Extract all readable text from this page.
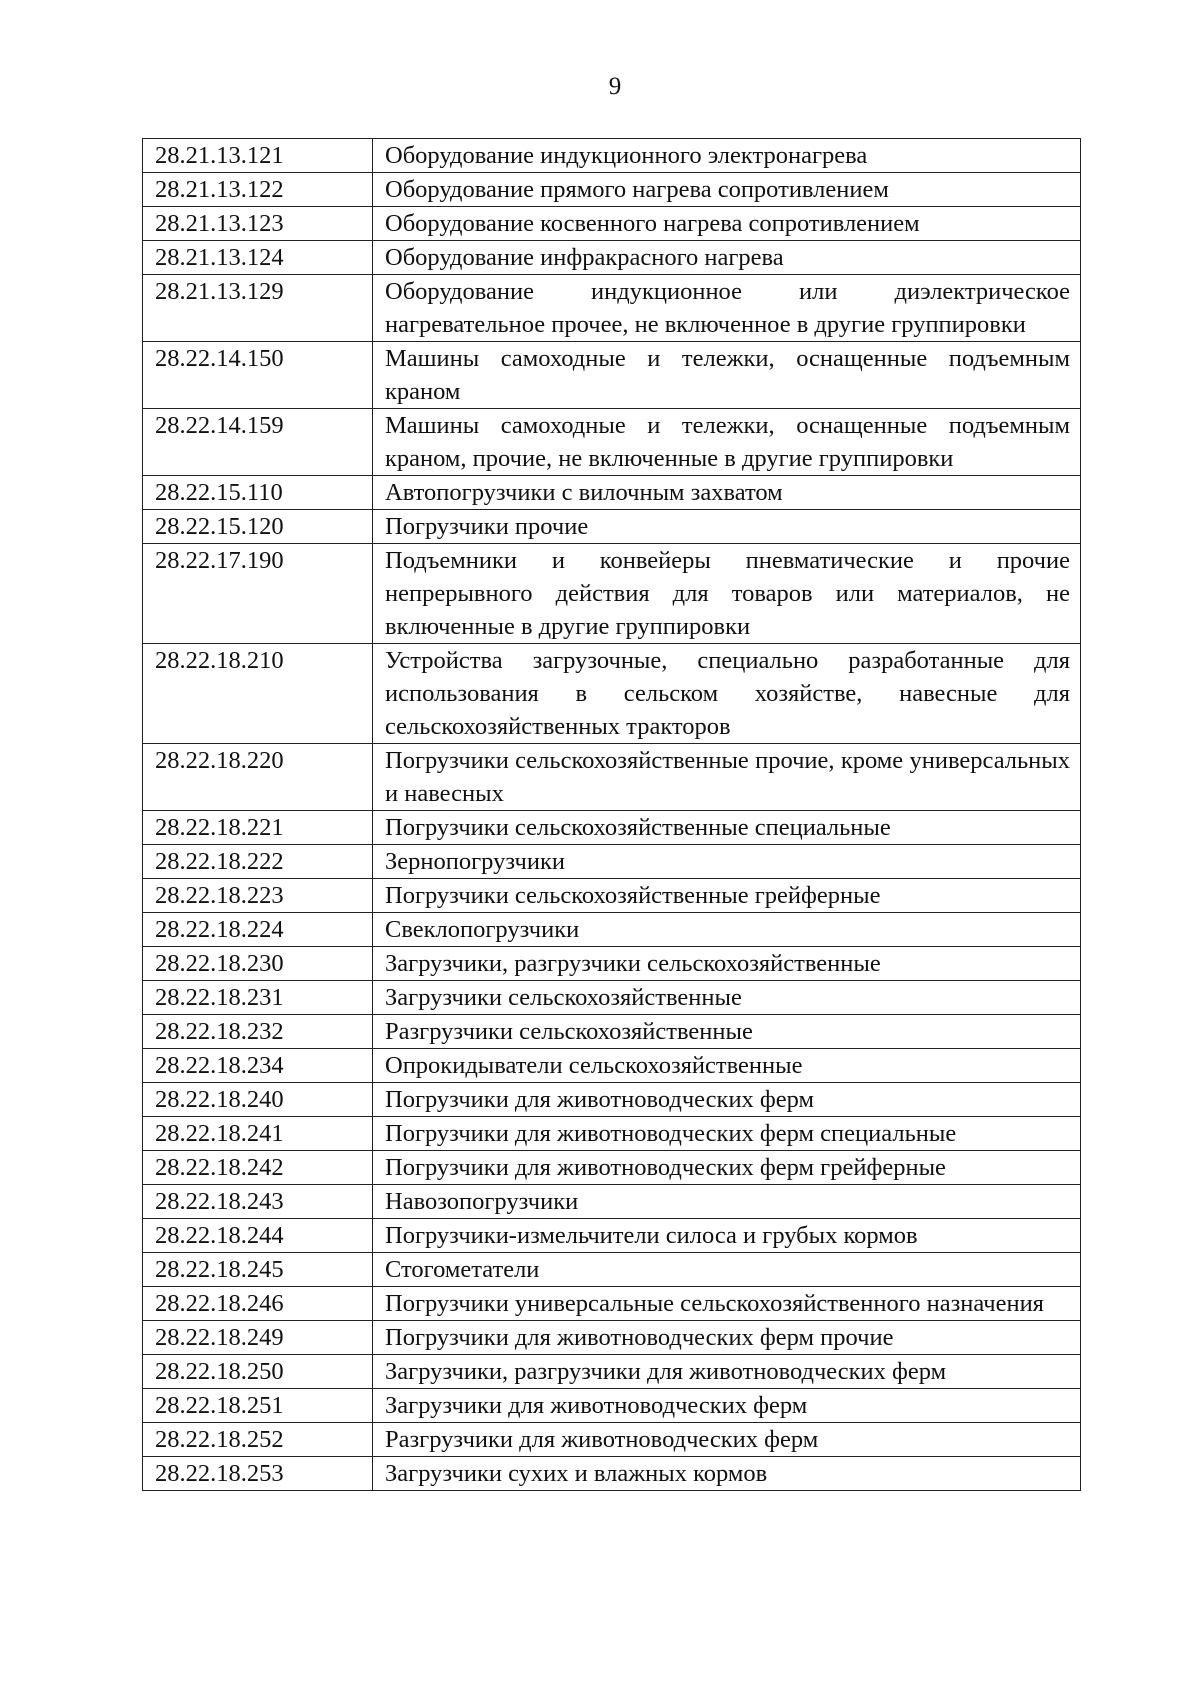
9
28.21.13.121	Оборудование индукционного электронагрева
28.21.13.122	Оборудование прямого нагрева сопротивлением
28.21.13.123	Оборудование косвенного нагрева сопротивлением
28.21.13.124	Оборудование инфракрасного нагрева
28.21.13.129	Оборудование индукционное или диэлектрическое нагревательное прочее, не включенное в другие группировки
28.22.14.150	Машины самоходные и тележки, оснащенные подъемным краном
28.22.14.159	Машины самоходные и тележки, оснащенные подъемным краном, прочие, не включенные в другие группировки
28.22.15.110	Автопогрузчики с вилочным захватом
28.22.15.120	Погрузчики прочие
28.22.17.190	Подъемники и конвейеры пневматические и прочие непрерывного действия для товаров или материалов, не включенные в другие группировки
28.22.18.210	Устройства загрузочные, специально разработанные для использования в сельском хозяйстве, навесные для сельскохозяйственных тракторов
28.22.18.220	Погрузчики сельскохозяйственные прочие, кроме универсальных и навесных
28.22.18.221	Погрузчики сельскохозяйственные специальные
28.22.18.222	Зернопогрузчики
28.22.18.223	Погрузчики сельскохозяйственные грейферные
28.22.18.224	Свеклопогрузчики
28.22.18.230	Загрузчики, разгрузчики сельскохозяйственные
28.22.18.231	Загрузчики сельскохозяйственные
28.22.18.232	Разгрузчики сельскохозяйственные
28.22.18.234	Опрокидыватели сельскохозяйственные
28.22.18.240	Погрузчики для животноводческих ферм
28.22.18.241	Погрузчики для животноводческих ферм специальные
28.22.18.242	Погрузчики для животноводческих ферм грейферные
28.22.18.243	Навозопогрузчики
28.22.18.244	Погрузчики-измельчители силоса и грубых кормов
28.22.18.245	Стогометатели
28.22.18.246	Погрузчики универсальные сельскохозяйственного назначения
28.22.18.249	Погрузчики для животноводческих ферм прочие
28.22.18.250	Загрузчики, разгрузчики для животноводческих ферм
28.22.18.251	Загрузчики для животноводческих ферм
28.22.18.252	Разгрузчики для животноводческих ферм
28.22.18.253	Загрузчики сухих и влажных кормов
